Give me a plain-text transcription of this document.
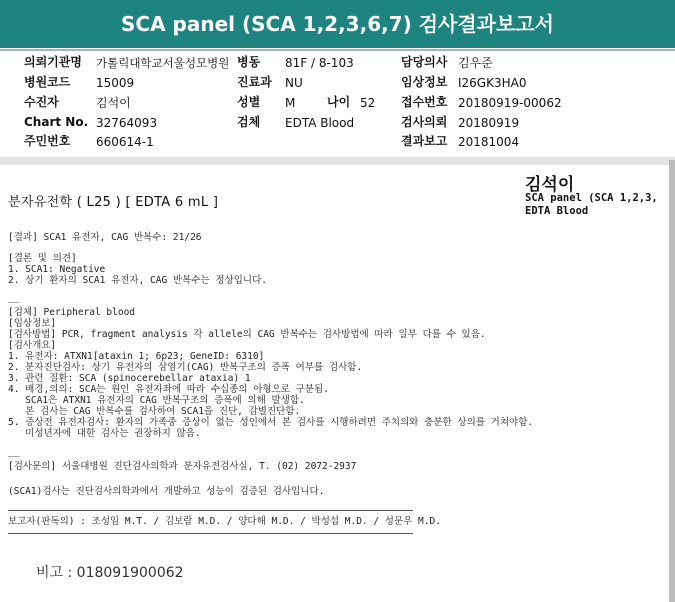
SCA panel (SCA 1,2,3,6,7) 검사결과보고서
의뢰기관명 가톨릭대학교서울성모병원 병동 81F / 8-103	담당의사 김우준
병원코드 15009	진료과 NU	임상정보 I26GK3HA0
수진자	김석이	성별 M	나이 52 접수번호 20180919-00062
Chart No. 32764093	검체 EDTA Blood	검사의뢰 20180919
주민번호 660614-1	결과보고 20181004
김석이
SCA panel (SCA 1,2,3,
EDTA Blood
분자유전학 ( L25 ) [ EDTA 6 mL ]
[결과] SCA1 유전자, CAG 반복수: 21/26
[결론 및 의견]
1. SCA1: Negative
2. 상기 환자의 SCA1 유전자, CAG 반복수는 정상입니다.
__
[검체] Peripheral blood
[임상정보]
[검사방법] PCR, fragment analysis 각 allele의 CAG 반복수는 검사방법에 따라 일부 다를 수 있음.
[검사개요]
1. 유전자: ATXN1[ataxin 1; 6p23; GeneID: 6310]
2. 분자진단검사: 상기 유전자의 삼염기(CAG) 반복구조의 증폭 여부를 검사함.
3. 관련 질환: SCA (spinocerebellar ataxia) 1
4. 배경,의의: SCA는 원인 유전자좌에 따라 수십종의 아형으로 구분됨.
SCA1은 ATXN1 유전자의 CAG 반복구조의 증폭에 의해 발생함.
본 검사는 CAG 반복수를 검사하여 SCA1을 진단, 감별진단함.
5. 증상전 유전자검사: 환자의 가족중 증상이 없는 성인에서 본 검사를 시행하려면 주치의와 충분한 상의를 거쳐야함.
미성년자에 대한 검사는 권장하지 않음.
__
[검사문의] 서울대병원 진단검사의학과 분자유전검사실, T. (02) 2072-2937
(SCA1)검사는 진단검사의학과에서 개발하고 성능이 검증된 검사입니다.
보고자(판독의) : 조성임 M.T. / 김보람 M.D. / 양다해 M.D. / 박성섭 M.D. / 성문우 M.D.
비고 : 018091900062
